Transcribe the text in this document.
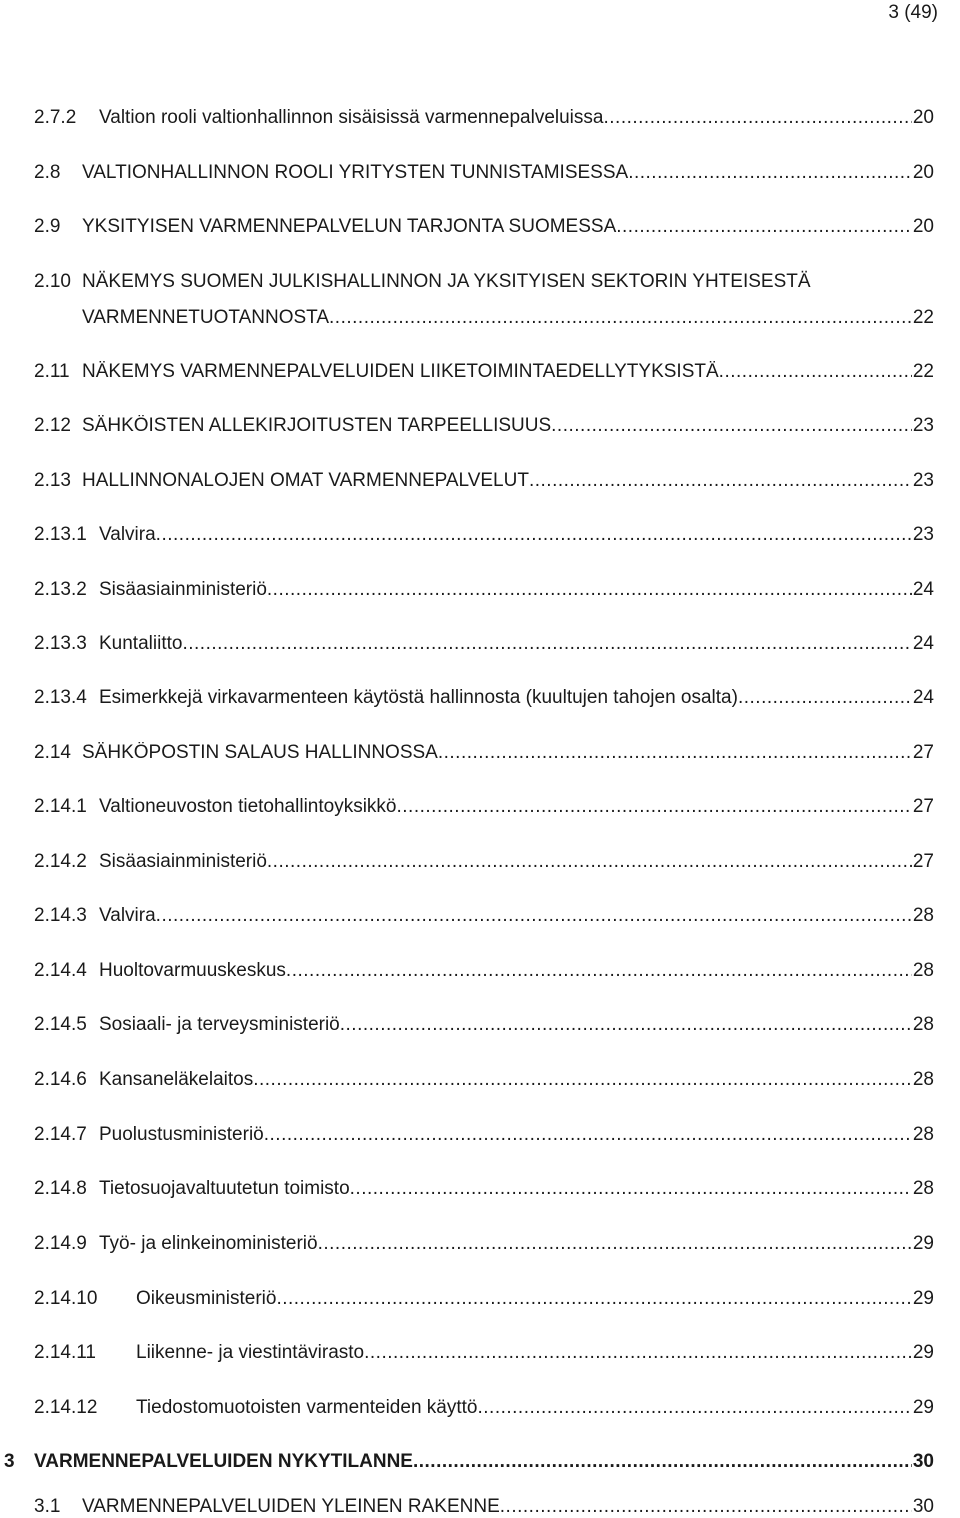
3 (49)
2.7.2 Valtion rooli valtionhallinnon sisäisissä varmennepalveluissa .....	20
2.8 VALTIONHALLINNON ROOLI YRITYSTEN TUNNISTAMISESSA .....	20
2.9 YKSITYISEN VARMENNEPALVELUN TARJONTA SUOMESSA .....	20
2.10 NÄKEMYS SUOMEN JULKISHALLINNON JA YKSITYISEN SEKTORIN YHTEISESTÄ
VARMENNETUOTANNOSTA .....	22
2.11 NÄKEMYS VARMENNEPALVELUIDEN LIIKETOIMINTAEDELLYTYKSISTÄ .....	22
2.12 SÄHKÖISTEN ALLEKIRJOITUSTEN TARPEELLISUUS .....	23
2.13 HALLINNONALOJEN OMAT VARMENNEPALVELUT .....	23
2.13.1 Valvira .....	23
2.13.2 Sisäasiainministeriö .....	24
2.13.3 Kuntaliitto .....	24
2.13.4 Esimerkkejä virkavarmenteen käytöstä hallinnosta (kuultujen tahojen osalta) .....	24
2.14 SÄHKÖPOSTIN SALAUS HALLINNOSSA .....	27
2.14.1 Valtioneuvoston tietohallintoyksikkö .....	27
2.14.2 Sisäasiainministeriö .....	27
2.14.3 Valvira .....	28
2.14.4 Huoltovarmuuskeskus .....	28
2.14.5 Sosiaali- ja terveysministeriö .....	28
2.14.6 Kansaneläkelaitos .....	28
2.14.7 Puolustusministeriö .....	28
2.14.8 Tietosuojavaltuutetun toimisto .....	28
2.14.9 Työ- ja elinkeinoministeriö .....	29
2.14.10 Oikeusministeriö .....	29
2.14.11 Liikenne- ja viestintävirasto .....	29
2.14.12 Tiedostomuotoisten varmenteiden käyttö .....	29
3 VARMENNEPALVELUIDEN NYKYTILANNE .....	30
3.1 VARMENNEPALVELUIDEN YLEINEN RAKENNE .....	30
